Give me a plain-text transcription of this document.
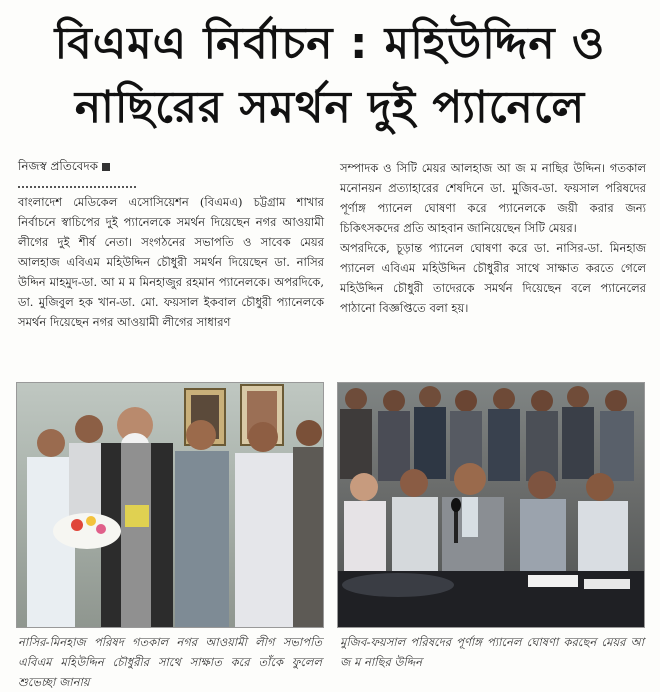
বিএমএ নির্বাচন : মহিউদ্দিন ও
নাছিরের সমর্থন দুই প্যানেলে
নিজস্ব প্রতিবেদক

বাংলাদেশ মেডিকেল এসোসিয়েশন (বিএমএ) চট্টগ্রাম শাখার নির্বাচনে স্বাচিপের দুই প্যানেলকে সমর্থন দিয়েছেন নগর আওয়ামী লীগের দুই শীর্ষ নেতা। সংগঠনের সভাপতি ও সাবেক মেয়র আলহাজ এবিএম মহিউদ্দিন চৌধুরী সমর্থন দিয়েছেন ডা. নাসির উদ্দিন মাহমুদ-ডা. আ ম ম মিনহাজুর রহমান প্যানেলকে। অপরদিকে, ডা. মুজিবুল হক খান-ডা. মো. ফয়সাল ইকবাল চৌধুরী প্যানেলকে সমর্থন দিয়েছেন নগর আওয়ামী লীগের সাধারণ

সম্পাদক ও সিটি মেয়র আলহাজ আ জ ম নাছির উদ্দিন। গতকাল মনোনয়ন প্রত্যাহারের শেষদিনে ডা. মুজিব-ডা. ফয়সাল পরিষদের পূর্ণাঙ্গ প্যানেল ঘোষণা করে প্যানেলকে জয়ী করার জন্য চিকিৎসকদের প্রতি আহবান জানিয়েছেন সিটি মেয়র।

অপরদিকে, চূড়ান্ত প্যানেল ঘোষণা করে ডা. নাসির-ডা. মিনহাজ প্যানেল এবিএম মহিউদ্দিন চৌধুরীর সাথে সাক্ষাত করতে গেলে মহিউদ্দিন চৌধুরী তাদেরকে সমর্থন দিয়েছেন বলে প্যানেলের পাঠানো বিজ্ঞপ্তিতে বলা হয়।

নাসির-মিনহাজ পরিষদ গতকাল নগর আওয়ামী লীগ সভাপতি এবিএম মহিউদ্দিন চৌধুরীর সাথে সাক্ষাত করে তাঁকে ফুলেল শুভেচ্ছা জানায়
মুজিব-ফয়সাল পরিষদের পূর্ণাঙ্গ প্যানেল ঘোষণা করছেন মেয়র আ জ ম নাছির উদ্দিন
